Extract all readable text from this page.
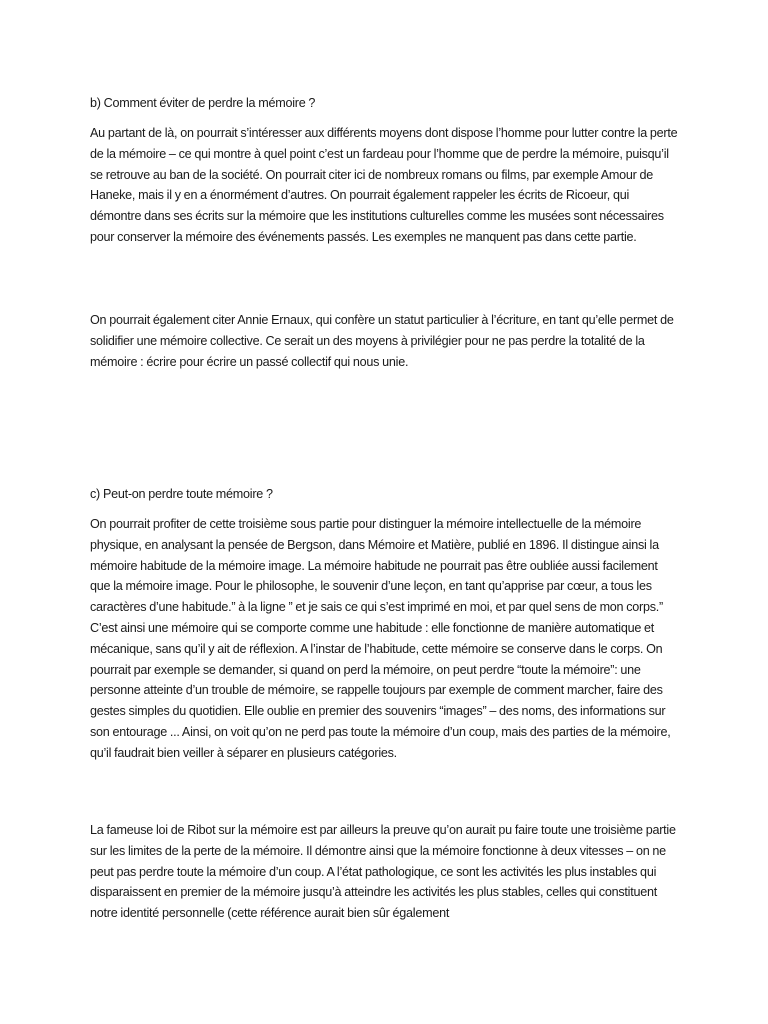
b) Comment éviter de perdre la mémoire ?

Au partant de là, on pourrait s’intéresser aux différents moyens dont dispose l’homme pour lutter contre la perte de la mémoire – ce qui montre à quel point c’est un fardeau pour l’homme que de perdre la mémoire, puisqu’il se retrouve au ban de la société. On pourrait citer ici de nombreux romans ou films, par exemple Amour de Haneke, mais il y en a énormément d’autres. On pourrait également rappeler les écrits de Ricoeur, qui démontre dans ses écrits sur la mémoire que les institutions culturelles comme les musées sont nécessaires pour conserver la mémoire des événements passés. Les exemples ne manquent pas dans cette partie.

On pourrait également citer Annie Ernaux, qui confère un statut particulier à l’écriture, en tant qu’elle permet de solidifier une mémoire collective. Ce serait un des moyens à privilégier pour ne pas perdre la totalité de la mémoire : écrire pour écrire un passé collectif qui nous unie.

c) Peut-on perdre toute mémoire ?

On pourrait profiter de cette troisième sous partie pour distinguer la mémoire intellectuelle de la mémoire physique, en analysant la pensée de Bergson, dans Mémoire et Matière, publié en 1896. Il distingue ainsi la mémoire habitude de la mémoire image. La mémoire habitude ne pourrait pas être oubliée aussi facilement que la mémoire image. Pour le philosophe, le souvenir d’une leçon, en tant qu’apprise par cœur, a tous les caractères d’une habitude.” à la ligne ” et je sais ce qui s’est imprimé en moi, et par quel sens de mon corps.” C’est ainsi une mémoire qui se comporte comme une habitude : elle fonctionne de manière automatique et mécanique, sans qu’il y ait de réflexion. A l’instar de l’habitude, cette mémoire se conserve dans le corps. On pourrait par exemple se demander, si quand on perd la mémoire, on peut perdre “toute la mémoire”: une personne atteinte d’un trouble de mémoire, se rappelle toujours par exemple de comment marcher, faire des gestes simples du quotidien. Elle oublie en premier des souvenirs “images” – des noms, des informations sur son entourage ... Ainsi, on voit qu’on ne perd pas toute la mémoire d’un coup, mais des parties de la mémoire, qu’il faudrait bien veiller à séparer en plusieurs catégories.

La fameuse loi de Ribot sur la mémoire est par ailleurs la preuve qu’on aurait pu faire toute une troisième partie sur les limites de la perte de la mémoire. Il démontre ainsi que la mémoire fonctionne à deux vitesses – on ne peut pas perdre toute la mémoire d’un coup. A l’état pathologique, ce sont les activités les plus instables qui disparaissent en premier de la mémoire jusqu’à atteindre les activités les plus stables, celles qui constituent notre identité personnelle (cette référence aurait bien sûr également
